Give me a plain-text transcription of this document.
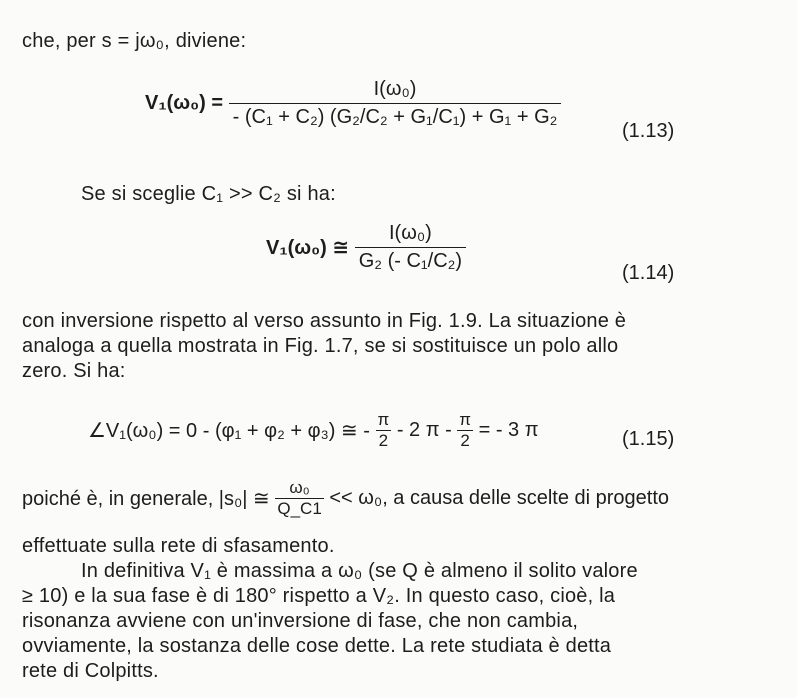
che, per s = jω₀, diviene:
$V_1(\omega_0) = \frac{\text{I(ω₀)}}{\text{- (C₁ + C₂) (G₂/C₂ + G₁/C₁) + G₁ + G₂}}$
(1.13)
Se si sceglie C₁ >> C₂ si ha:
V₁(ω₀) ≅ $\frac{\text{I(ω₀)}}{\text{G₂ (- C₁/C₂)}}$	(1.14)
con inversione rispetto al verso assunto in Fig. 1.9. La situazione è
analoga a quella mostrata in Fig. 1.7, se si sostituisce un polo allo
zero. Si ha:
∠V₁(ω₀) = 0 - (φ₁ + φ₂ + φ₃) ≅ - $\frac{\pi}{2} - 2$ π - $\frac{\pi}{2}$ = - 3 π	(1.15)
poiché è, in generale, |s₀| ≅ $\frac{\text{ω₀}}{Q\_C1} << \omega_0$, a causa delle scelte di progetto
effettuate sulla rete di sfasamento.
In definitiva V₁ è massima a ω₀ (se Q è almeno il solito valore
≥ 10) e la sua fase è di 180° rispetto a V₂. In questo caso, cioè, la
risonanza avviene con un'inversione di fase, che non cambia,
ovviamente, la sostanza delle cose dette. La rete studiata è detta
rete di Colpitts.
